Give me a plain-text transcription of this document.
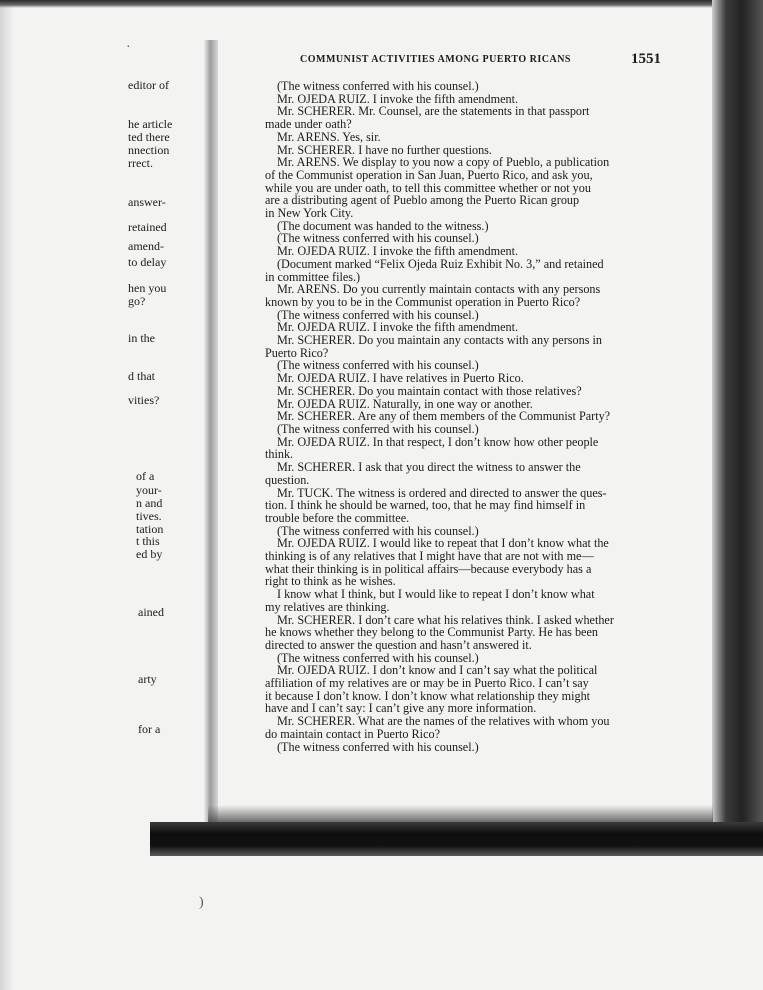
·
)
editor of
he article
ted there
nnection
rrect.
answer-
retained
amend-
to delay
hen you
go?
in the
d that
vities?
of a
your-
n and
tives.
tation
t this
ed by
ained
arty
for a
COMMUNIST ACTIVITIES AMONG PUERTO RICANS	1551

(The witness conferred with his counsel.)

Mr. OJEDA RUIZ. I invoke the fifth amendment.

Mr. SCHERER. Mr. Counsel, are the statements in that passport
made under oath?

Mr. ARENS. Yes, sir.

Mr. SCHERER. I have no further questions.

Mr. ARENS. We display to you now a copy of Pueblo, a publication
of the Communist operation in San Juan, Puerto Rico, and ask you,
while you are under oath, to tell this committee whether or not you
are a distributing agent of Pueblo among the Puerto Rican group
in New York City.

(The document was handed to the witness.)

(The witness conferred with his counsel.)

Mr. OJEDA RUIZ. I invoke the fifth amendment.

(Document marked “Felix Ojeda Ruiz Exhibit No. 3,” and retained
in committee files.)

Mr. ARENS. Do you currently maintain contacts with any persons
known by you to be in the Communist operation in Puerto Rico?

(The witness conferred with his counsel.)

Mr. OJEDA RUIZ. I invoke the fifth amendment.

Mr. SCHERER. Do you maintain any contacts with any persons in
Puerto Rico?

(The witness conferred with his counsel.)

Mr. OJEDA RUIZ. I have relatives in Puerto Rico.

Mr. SCHERER. Do you maintain contact with those relatives?

Mr. OJEDA RUIZ. Naturally, in one way or another.

Mr. SCHERER. Are any of them members of the Communist Party?

(The witness conferred with his counsel.)

Mr. OJEDA RUIZ. In that respect, I don’t know how other people
think.

Mr. SCHERER. I ask that you direct the witness to answer the
question.

Mr. TUCK. The witness is ordered and directed to answer the ques-
tion. I think he should be warned, too, that he may find himself in
trouble before the committee.

(The witness conferred with his counsel.)

Mr. OJEDA RUIZ. I would like to repeat that I don’t know what the
thinking is of any relatives that I might have that are not with me—
what their thinking is in political affairs—because everybody has a
right to think as he wishes.

I know what I think, but I would like to repeat I don’t know what
my relatives are thinking.

Mr. SCHERER. I don’t care what his relatives think. I asked whether
he knows whether they belong to the Communist Party. He has been
directed to answer the question and hasn’t answered it.

(The witness conferred with his counsel.)

Mr. OJEDA RUIZ. I don’t know and I can’t say what the political
affiliation of my relatives are or may be in Puerto Rico. I can’t say
it because I don’t know. I don’t know what relationship they might
have and I can’t say: I can’t give any more information.

Mr. SCHERER. What are the names of the relatives with whom you
do maintain contact in Puerto Rico?

(The witness conferred with his counsel.)
